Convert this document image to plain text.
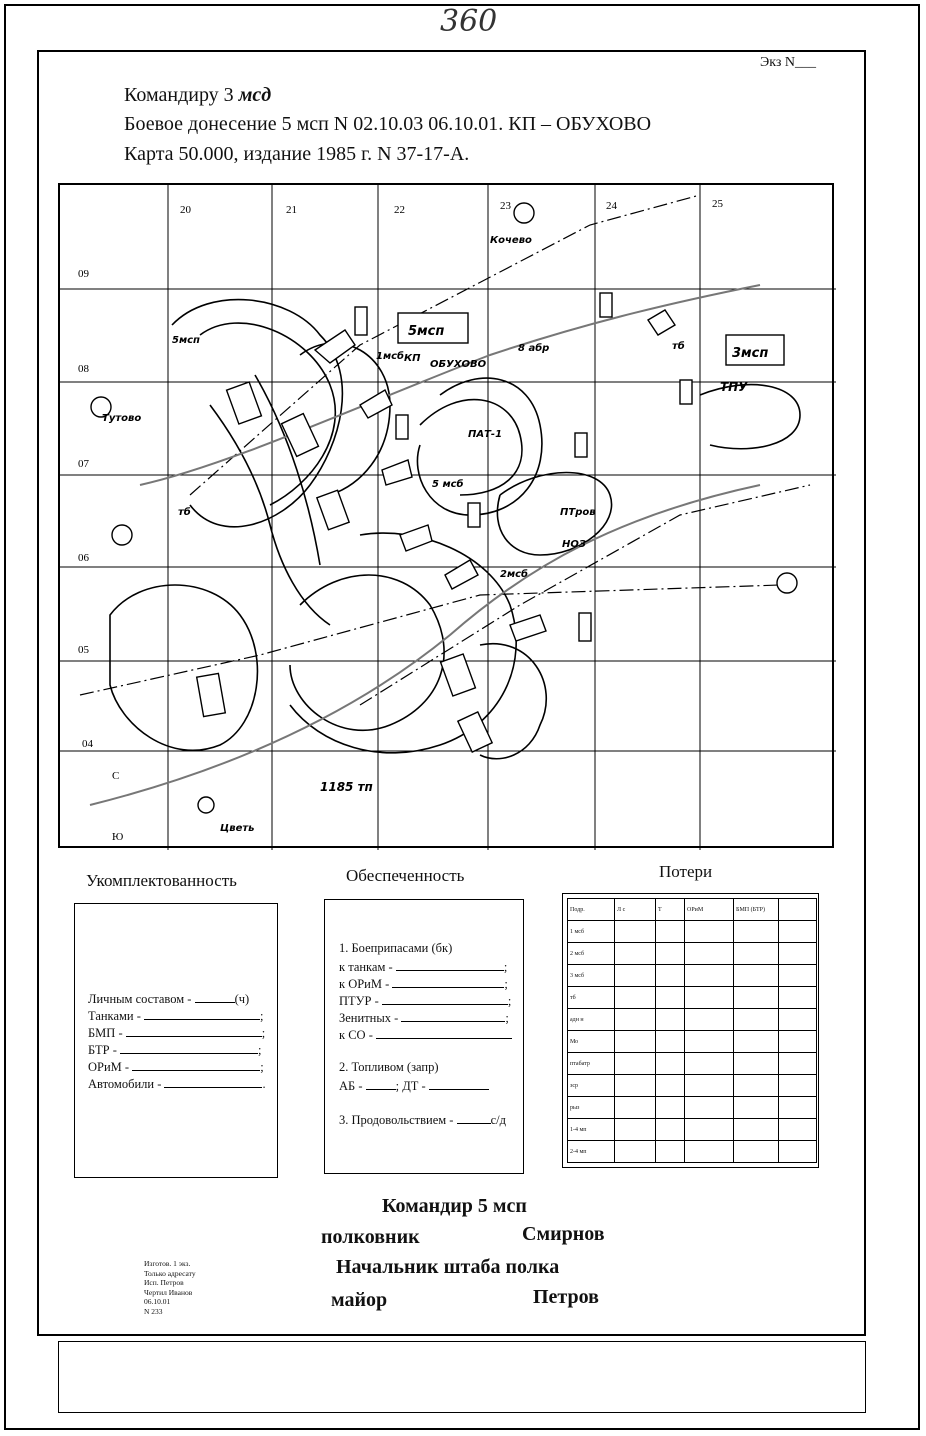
360
Экз N___
Командиру 3 мсд
Боевое донесение 5 мсп N 02.10.03 06.10.01. КП – ОБУХОВО
Карта 50.000, издание 1985 г. N 37-17-А.
20	21	22	23	24	25
09
08
07
06
05
04
С
Ю
Кочево
ОБУХОВО
КП
Тутово
Цветь
5мсп
3мсп
ТПУ
8 абр
ПАТ-1
5 мсб
ПТров
НОЗ
2мсб
1мсб
тб
тб
5мсп
1185 тп
Укомплектованность
Личным составом -	(ч)
Танками -	;
БМП -	;
БТР -	;
ОРиМ -	;
Автомобили -	.
Обеспеченность
1. Боеприпасами (бк)
к танкам -	;
к ОРиМ -	;
ПТУР -	;
Зенитных -	;
к СО -
2. Топливом (запр)
АБ -	; ДТ -
3. Продовольствием -	с/д
Потери
Подр.	Л с	Т	ОРиМ	БМП (БТР)	
1 мсб					
2 мсб					
3 мсб					
тб					
адн н					
Мо					
птабатр					
зср					
рыз					
1-4 мп					
2-4 мп					
Командир 5 мсп
полковник	Смирнов
Начальник штаба полка
майор	Петров
Изготов. 1 экз.
Только адресату
Исп. Петров
Чертил Иванов
06.10.01
N 233
